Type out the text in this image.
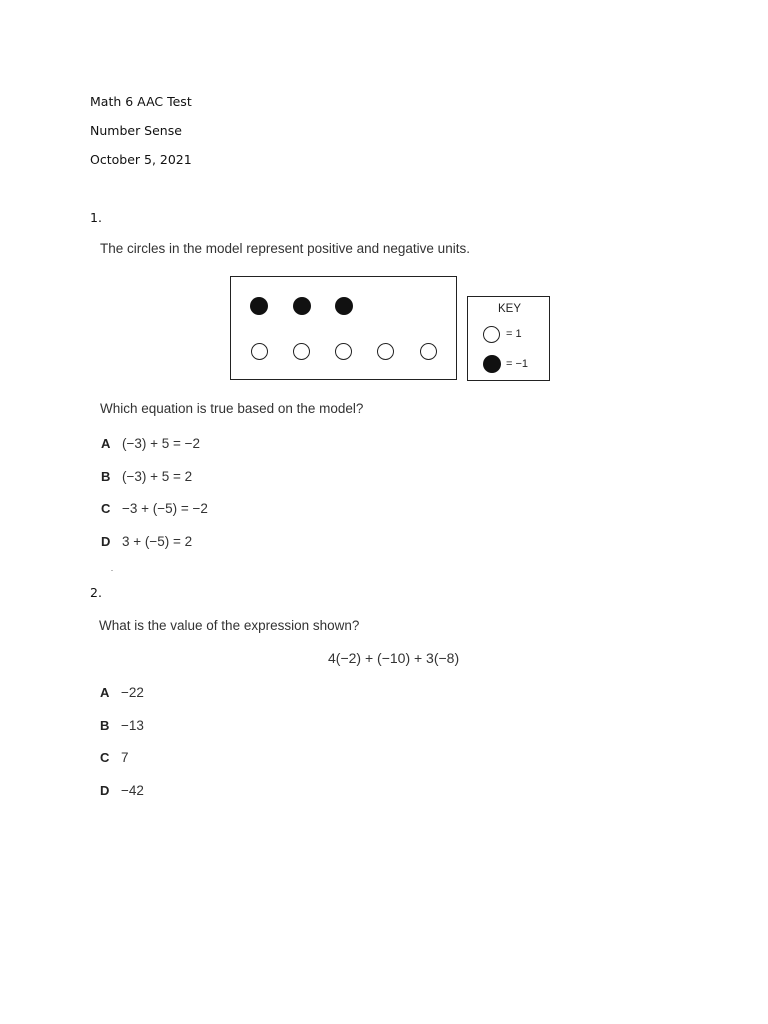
Math 6 AAC Test
Number Sense
October 5, 2021
1.
The circles in the model represent positive and negative units.
KEY
= 1
= −1
Which equation is true based on the model?
A (−3) + 5 = −2
B (−3) + 5 = 2
C −3 + (−5) = −2
D 3 + (−5) = 2
2.
What is the value of the expression shown?
4(−2) + (−10) + 3(−8)
A −22
B −13
C 7
D −42
